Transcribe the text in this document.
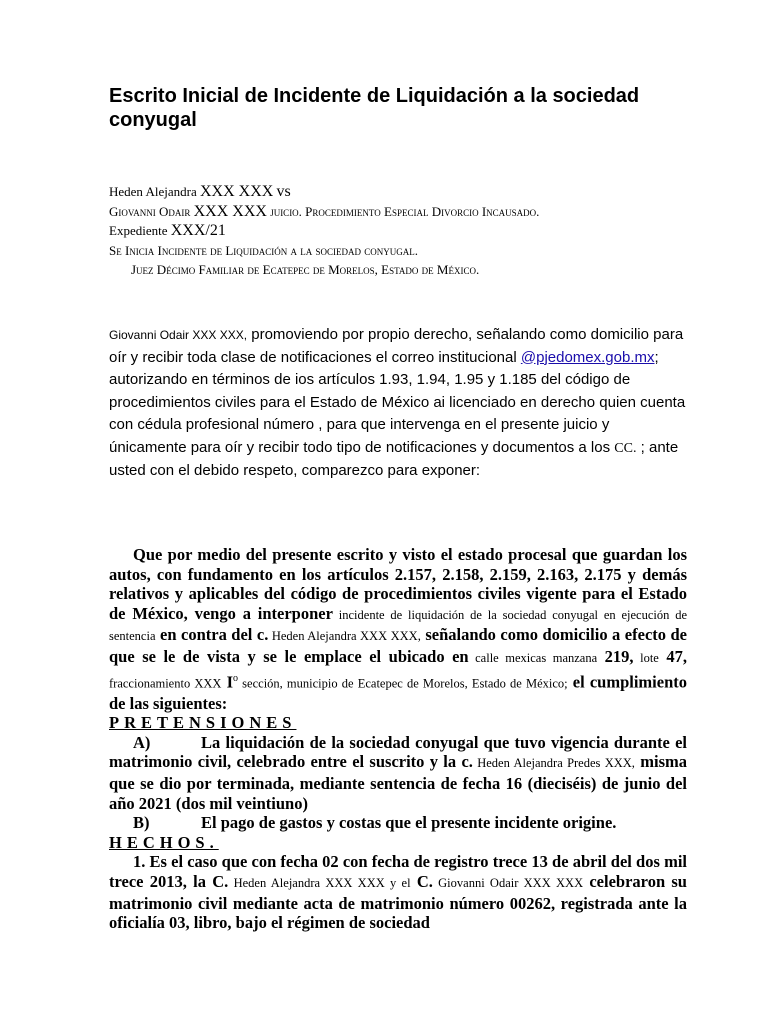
Escrito Inicial de Incidente de Liquidación a la sociedad conyugal
Heden Alejandra XXX XXX vs
Giovanni Odair XXX XXX juicio. Procedimiento Especial Divorcio Incausado.
Expediente XXX/21
Se Inicia Incidente de Liquidación a la sociedad conyugal.
Juez Décimo Familiar de Ecatepec de Morelos, Estado de México.
Giovanni Odair XXX XXX, promoviendo por propio derecho, señalando como domicilio para oír y recibir toda clase de notificaciones el correo institucional @pjedomex.gob.mx; autorizando en términos de ios artículos 1.93, 1.94, 1.95 y 1.185 del código de procedimientos civiles para el Estado de México ai licenciado en derecho quien cuenta con cédula profesional número , para que intervenga en el presente juicio y únicamente para oír y recibir todo tipo de notificaciones y documentos a los CC. ; ante usted con el debido respeto, comparezco para exponer:

Que por medio del presente escrito y visto el estado procesal que guardan los autos, con fundamento en los artículos 2.157, 2.158, 2.159, 2.163, 2.175 y demás relativos y aplicables del código de procedimientos civiles vigente para el Estado de México, vengo a interponer incidente de liquidación de la sociedad conyugal en ejecución de sentencia en contra del c. Heden Alejandra XXX XXX, señalando como domicilio a efecto de que se le de vista y se le emplace el ubicado en calle mexicas manzana 219, lote 47, fraccionamiento XXX $I^o$ sección, municipio de Ecatepec de Morelos, Estado de México; el cumplimiento de las siguientes:

PRETENSIONES

A)	La liquidación de la sociedad conyugal que tuvo vigencia durante el matrimonio civil, celebrado entre el suscrito y la c. Heden Alejandra Predes XXX, misma que se dio por terminada, mediante sentencia de fecha 16 (dieciséis) de junio del año 2021 (dos mil veintiuno)

B)	El pago de gastos y costas que el presente incidente origine.

HECHOS.

1. Es el caso que con fecha 02 con fecha de registro trece 13 de abril del dos mil trece 2013, la C. Heden Alejandra XXX XXX y el C. Giovanni Odair XXX XXX celebraron su matrimonio civil mediante acta de matrimonio número 00262, registrada ante la oficialía 03, libro, bajo el régimen de sociedad
